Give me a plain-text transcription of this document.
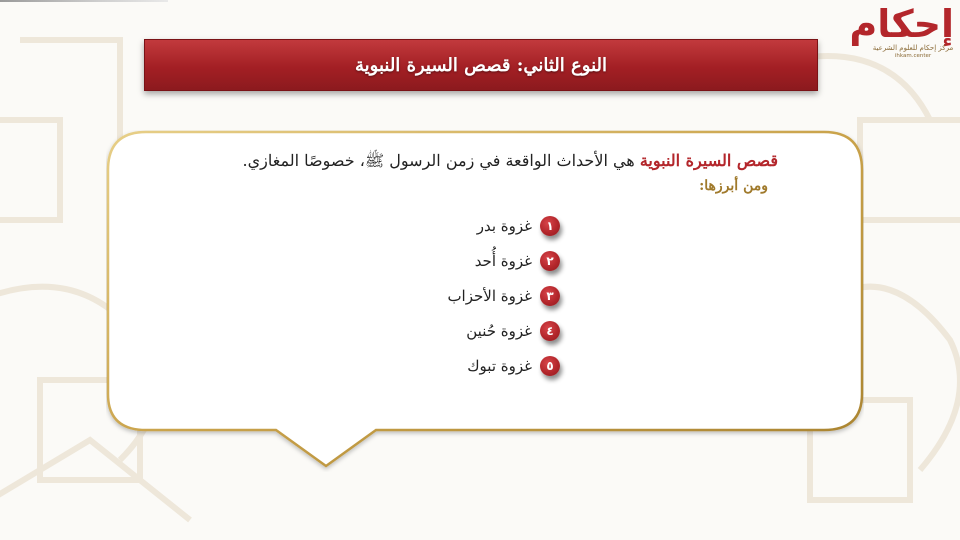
إحكام
مركز إحكام للعلوم الشرعية
ihkam.center
النوع الثاني: قصص السيرة النبوية
قصص السيرة النبوية هي الأحداث الواقعة في زمن الرسول ﷺ، خصوصًا المغازي.
ومن أبرزها:
١
غزوة بدر
٢
غزوة أُحد
٣
غزوة الأحزاب
٤
غزوة حُنين
٥
غزوة تبوك
